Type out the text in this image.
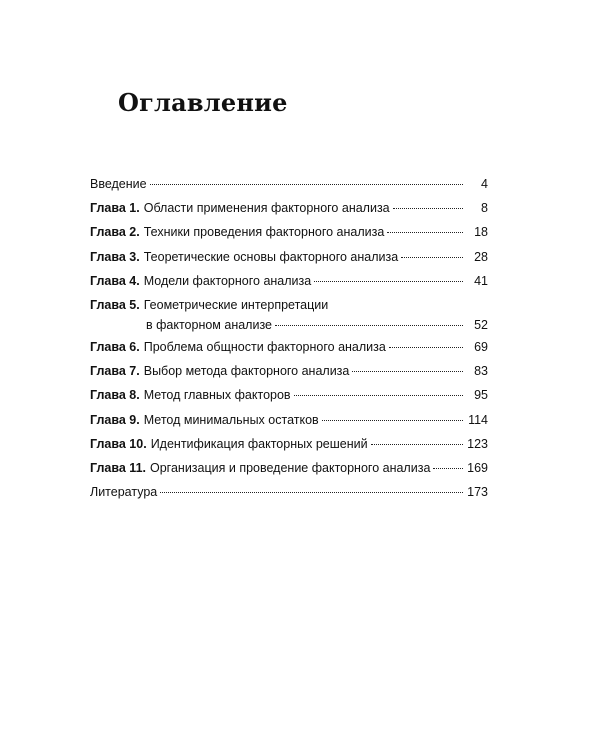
Оглавление
Введение	4
Глава 1. Области применения факторного анализа	8
Глава 2. Техники проведения факторного анализа	18
Глава 3. Теоретические основы факторного анализа	28
Глава 4. Модели факторного анализа	41
Глава 5. Геометрические интерпретации
в факторном анализе	52
Глава 6. Проблема общности факторного анализа	69
Глава 7. Выбор метода факторного анализа	83
Глава 8. Метод главных факторов	95
Глава 9. Метод минимальных остатков	114
Глава 10. Идентификация факторных решений	123
Глава 11. Организация и проведение факторного анализа	169
Литература	173
